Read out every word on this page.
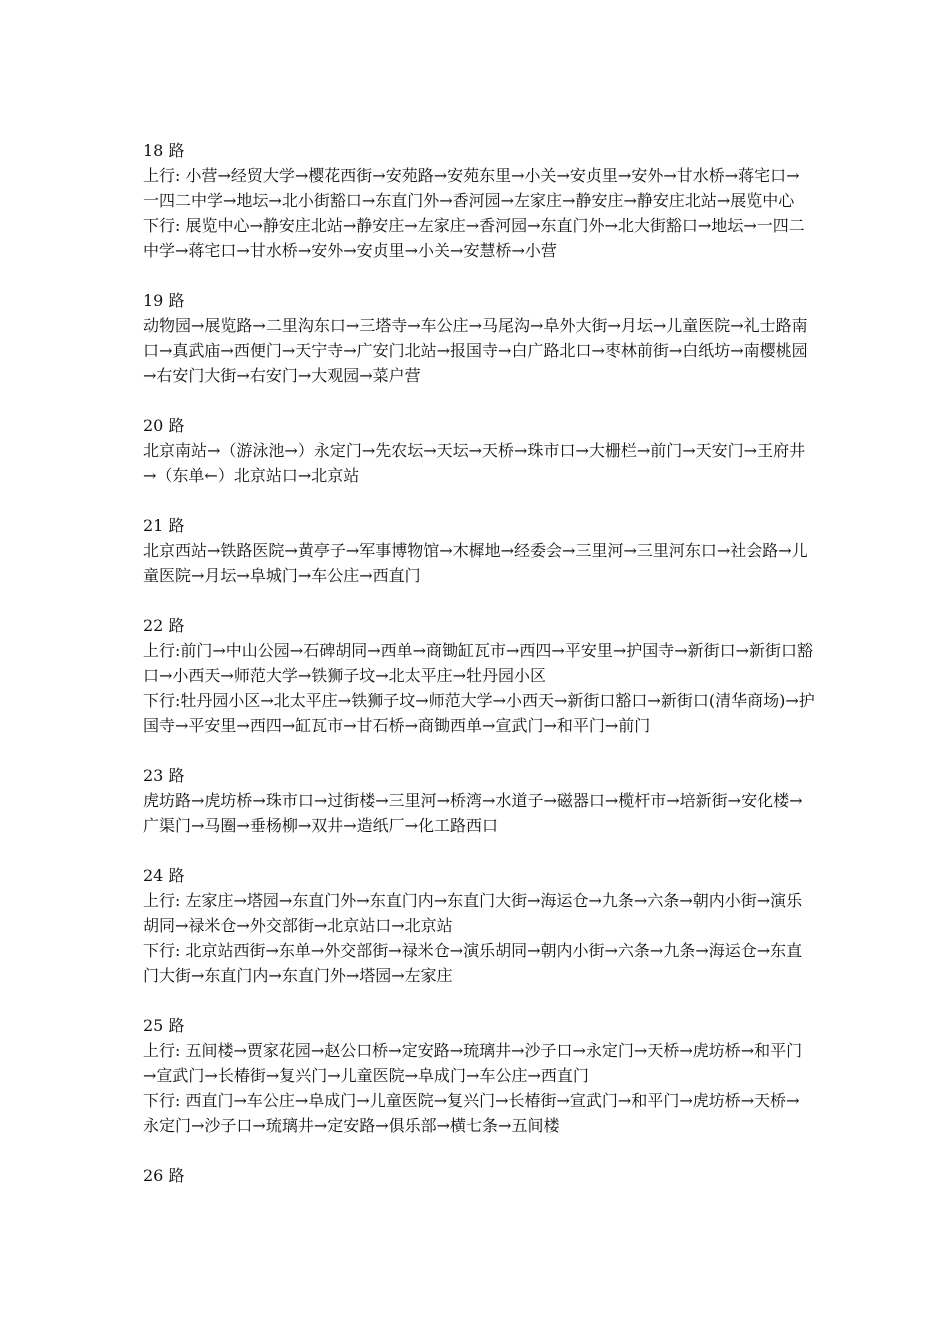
18 路
上行: 小营→经贸大学→樱花西街→安苑路→安苑东里→小关→安贞里→安外→甘水桥→蒋宅口→一四二中学→地坛→北小街豁口→东直门外→香河园→左家庄→静安庄→静安庄北站→展览中心
下行: 展览中心→静安庄北站→静安庄→左家庄→香河园→东直门外→北大街豁口→地坛→一四二中学→蒋宅口→甘水桥→安外→安贞里→小关→安慧桥→小营
19 路
动物园→展览路→二里沟东口→三塔寺→车公庄→马尾沟→阜外大街→月坛→儿童医院→礼士路南口→真武庙→西便门→天宁寺→广安门北站→报国寺→白广路北口→枣林前街→白纸坊→南樱桃园→右安门大街→右安门→大观园→菜户营
20 路
北京南站→（游泳池→）永定门→先农坛→天坛→天桥→珠市口→大栅栏→前门→天安门→王府井→（东单←）北京站口→北京站
21 路
北京西站→铁路医院→黄亭子→军事博物馆→木樨地→经委会→三里河→三里河东口→社会路→儿童医院→月坛→阜城门→车公庄→西直门
22 路
上行:前门→中山公园→石碑胡同→西单→商锄缸瓦市→西四→平安里→护国寺→新街口→新街口豁口→小西天→师范大学→铁狮子坟→北太平庄→牡丹园小区
下行:牡丹园小区→北太平庄→铁狮子坟→师范大学→小西天→新街口豁口→新街口(清华商场)→护国寺→平安里→西四→缸瓦市→甘石桥→商锄西单→宣武门→和平门→前门
23 路
虎坊路→虎坊桥→珠市口→过街楼→三里河→桥湾→水道子→磁器口→榄杆市→培新街→安化楼→广渠门→马圈→垂杨柳→双井→造纸厂→化工路西口
24 路
上行: 左家庄→塔园→东直门外→东直门内→东直门大街→海运仓→九条→六条→朝内小街→演乐胡同→禄米仓→外交部街→北京站口→北京站
下行: 北京站西街→东单→外交部街→禄米仓→演乐胡同→朝内小街→六条→九条→海运仓→东直门大街→东直门内→东直门外→塔园→左家庄
25 路
上行: 五间楼→贾家花园→赵公口桥→定安路→琉璃井→沙子口→永定门→天桥→虎坊桥→和平门→宣武门→长椿街→复兴门→儿童医院→阜成门→车公庄→西直门
下行: 西直门→车公庄→阜成门→儿童医院→复兴门→长椿街→宣武门→和平门→虎坊桥→天桥→永定门→沙子口→琉璃井→定安路→俱乐部→横七条→五间楼
26 路
